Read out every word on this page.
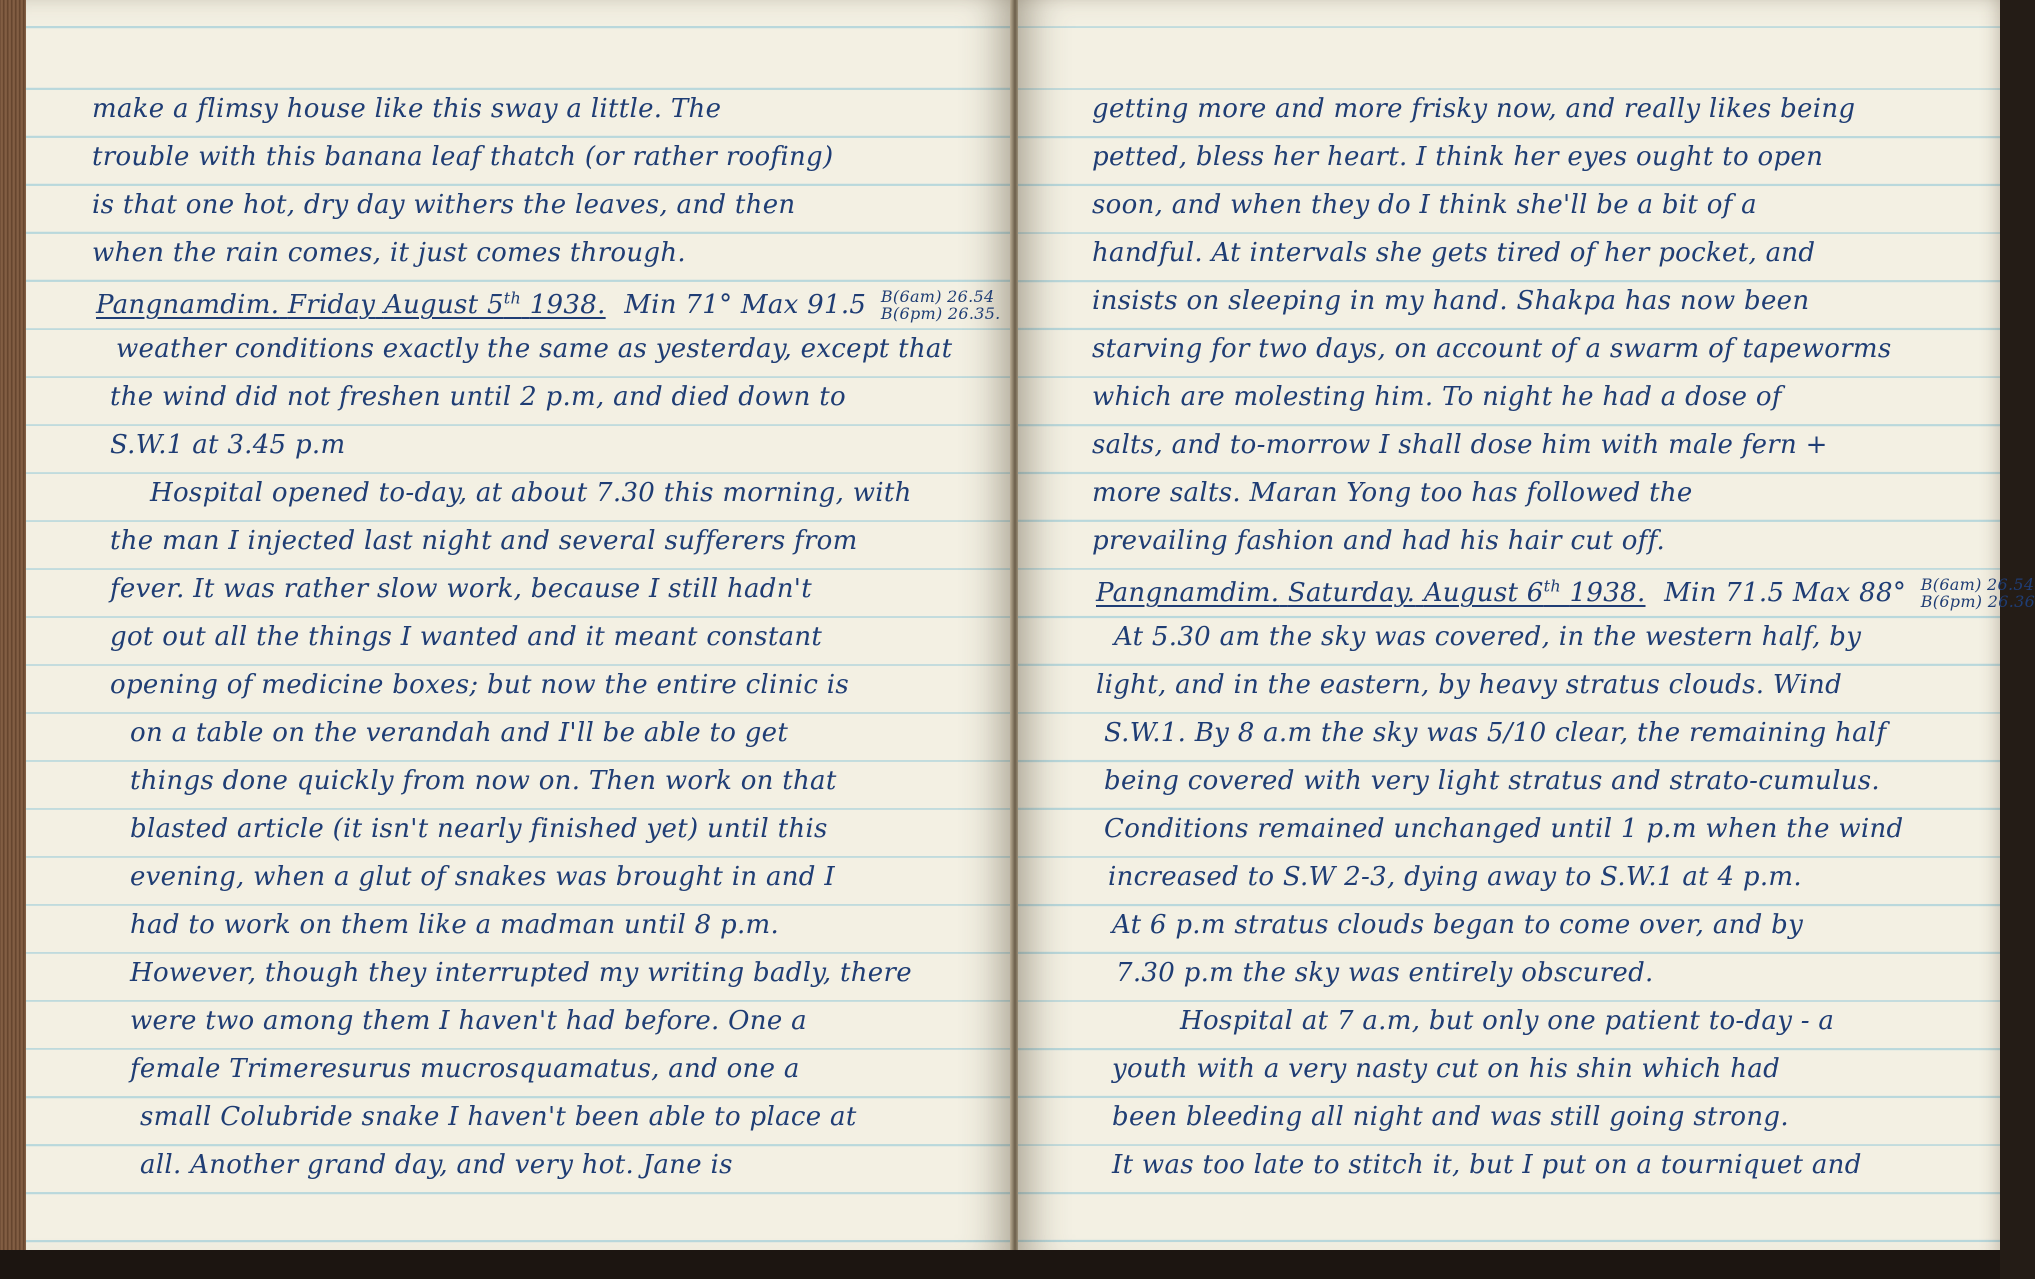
make a flimsy house like this sway a little. The
trouble with this banana leaf thatch (or rather roofing)
is that one hot, dry day withers the leaves, and then
when the rain comes, it just comes through.
Pangnamdim. Friday August 5th 1938. Min 71° Max 91.5 B(6am) 26.54
B(6pm) 26.35.
weather conditions exactly the same as yesterday, except that
the wind did not freshen until 2 p.m, and died down to
S.W.1 at 3.45 p.m
Hospital opened to-day, at about 7.30 this morning, with
the man I injected last night and several sufferers from
fever. It was rather slow work, because I still hadn't
got out all the things I wanted and it meant constant
opening of medicine boxes; but now the entire clinic is
on a table on the verandah and I'll be able to get
things done quickly from now on. Then work on that
blasted article (it isn't nearly finished yet) until this
evening, when a glut of snakes was brought in and I
had to work on them like a madman until 8 p.m.
However, though they interrupted my writing badly, there
were two among them I haven't had before. One a
female Trimeresurus mucrosquamatus, and one a
small Colubride snake I haven't been able to place at
all. Another grand day, and very hot. Jane is
getting more and more frisky now, and really likes being
petted, bless her heart. I think her eyes ought to open
soon, and when they do I think she'll be a bit of a
handful. At intervals she gets tired of her pocket, and
insists on sleeping in my hand. Shakpa has now been
starving for two days, on account of a swarm of tapeworms
which are molesting him. To night he had a dose of
salts, and to-morrow I shall dose him with male fern +
more salts. Maran Yong too has followed the
prevailing fashion and had his hair cut off.
Pangnamdim. Saturday. August 6th 1938. Min 71.5 Max 88° B(6am) 26.54
B(6pm) 26.36
At 5.30 am the sky was covered, in the western half, by
light, and in the eastern, by heavy stratus clouds. Wind
S.W.1. By 8 a.m the sky was 5/10 clear, the remaining half
being covered with very light stratus and strato-cumulus.
Conditions remained unchanged until 1 p.m when the wind
increased to S.W 2-3, dying away to S.W.1 at 4 p.m.
At 6 p.m stratus clouds began to come over, and by
7.30 p.m the sky was entirely obscured.
Hospital at 7 a.m, but only one patient to-day - a
youth with a very nasty cut on his shin which had
been bleeding all night and was still going strong.
It was too late to stitch it, but I put on a tourniquet and
